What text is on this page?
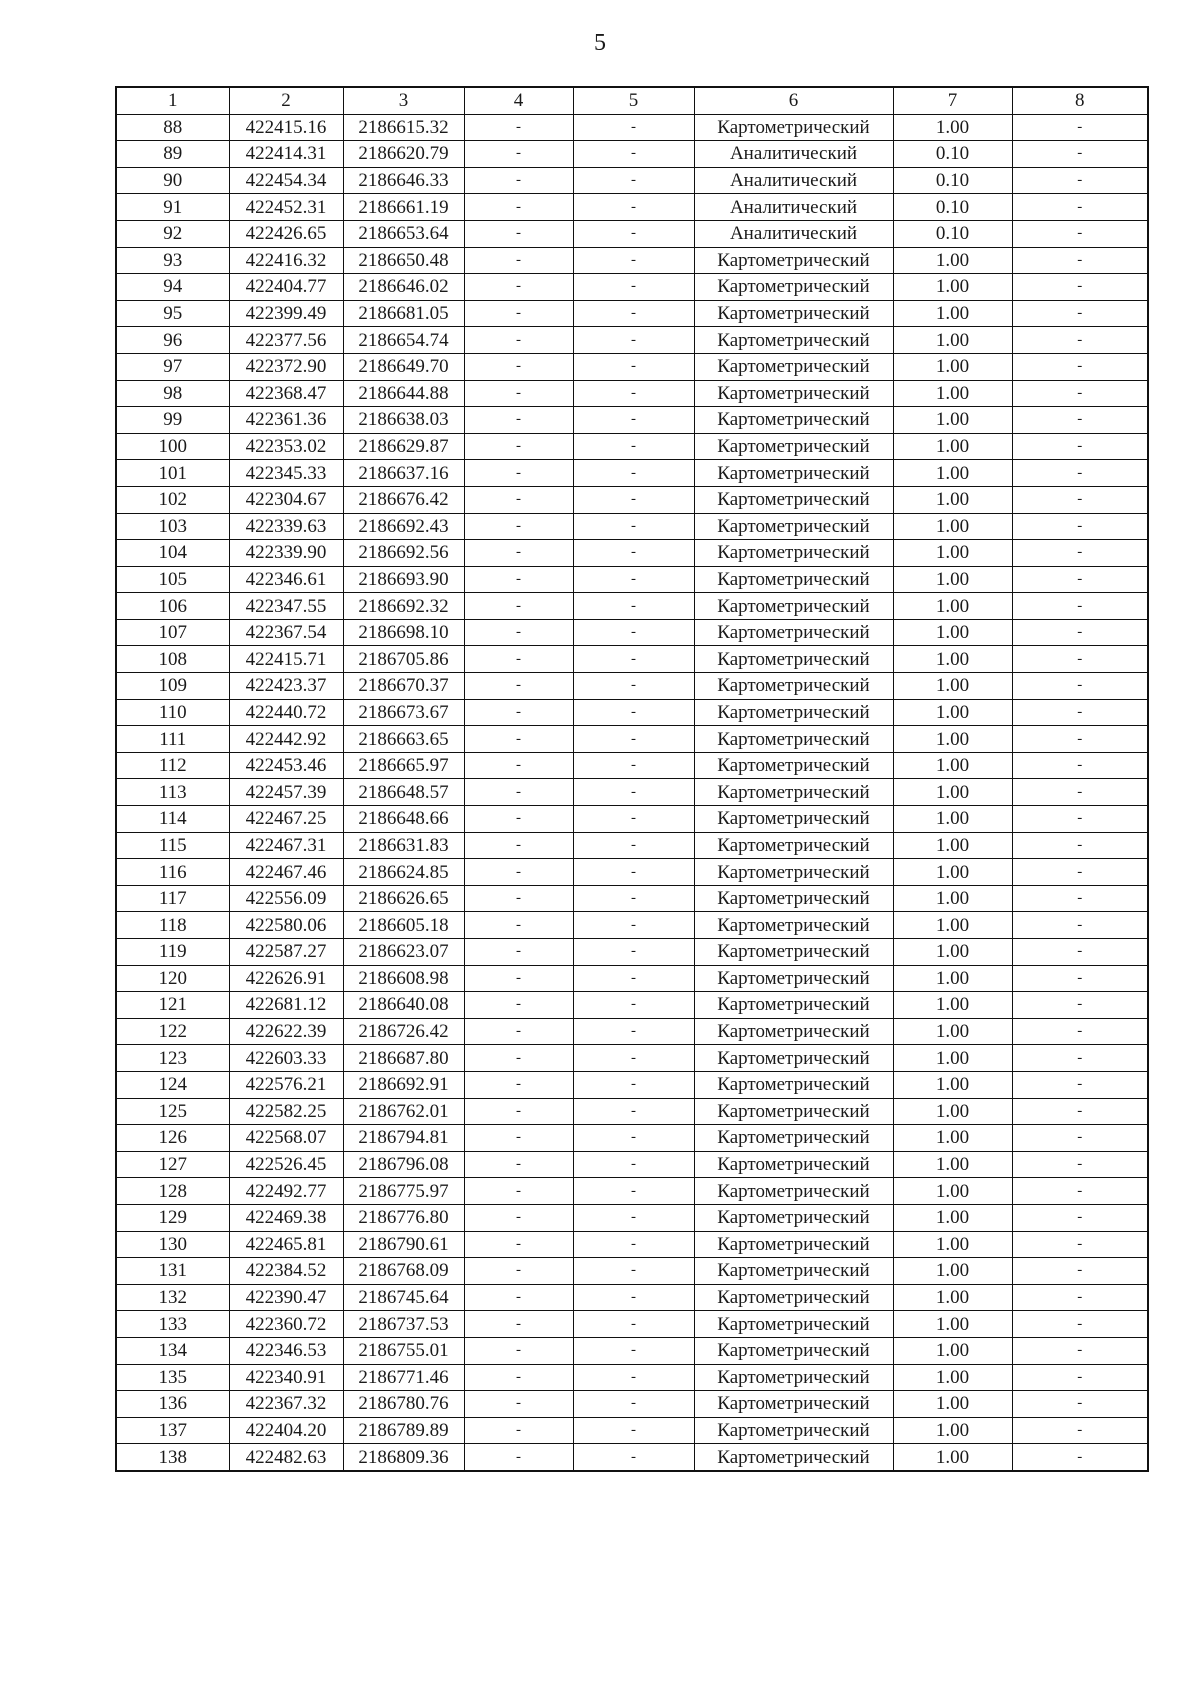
5
1	2	3	4	5	6	7	8
88	422415.16	2186615.32	-	-	Картометрический	1.00	-
89	422414.31	2186620.79	-	-	Аналитический	0.10	-
90	422454.34	2186646.33	-	-	Аналитический	0.10	-
91	422452.31	2186661.19	-	-	Аналитический	0.10	-
92	422426.65	2186653.64	-	-	Аналитический	0.10	-
93	422416.32	2186650.48	-	-	Картометрический	1.00	-
94	422404.77	2186646.02	-	-	Картометрический	1.00	-
95	422399.49	2186681.05	-	-	Картометрический	1.00	-
96	422377.56	2186654.74	-	-	Картометрический	1.00	-
97	422372.90	2186649.70	-	-	Картометрический	1.00	-
98	422368.47	2186644.88	-	-	Картометрический	1.00	-
99	422361.36	2186638.03	-	-	Картометрический	1.00	-
100	422353.02	2186629.87	-	-	Картометрический	1.00	-
101	422345.33	2186637.16	-	-	Картометрический	1.00	-
102	422304.67	2186676.42	-	-	Картометрический	1.00	-
103	422339.63	2186692.43	-	-	Картометрический	1.00	-
104	422339.90	2186692.56	-	-	Картометрический	1.00	-
105	422346.61	2186693.90	-	-	Картометрический	1.00	-
106	422347.55	2186692.32	-	-	Картометрический	1.00	-
107	422367.54	2186698.10	-	-	Картометрический	1.00	-
108	422415.71	2186705.86	-	-	Картометрический	1.00	-
109	422423.37	2186670.37	-	-	Картометрический	1.00	-
110	422440.72	2186673.67	-	-	Картометрический	1.00	-
111	422442.92	2186663.65	-	-	Картометрический	1.00	-
112	422453.46	2186665.97	-	-	Картометрический	1.00	-
113	422457.39	2186648.57	-	-	Картометрический	1.00	-
114	422467.25	2186648.66	-	-	Картометрический	1.00	-
115	422467.31	2186631.83	-	-	Картометрический	1.00	-
116	422467.46	2186624.85	-	-	Картометрический	1.00	-
117	422556.09	2186626.65	-	-	Картометрический	1.00	-
118	422580.06	2186605.18	-	-	Картометрический	1.00	-
119	422587.27	2186623.07	-	-	Картометрический	1.00	-
120	422626.91	2186608.98	-	-	Картометрический	1.00	-
121	422681.12	2186640.08	-	-	Картометрический	1.00	-
122	422622.39	2186726.42	-	-	Картометрический	1.00	-
123	422603.33	2186687.80	-	-	Картометрический	1.00	-
124	422576.21	2186692.91	-	-	Картометрический	1.00	-
125	422582.25	2186762.01	-	-	Картометрический	1.00	-
126	422568.07	2186794.81	-	-	Картометрический	1.00	-
127	422526.45	2186796.08	-	-	Картометрический	1.00	-
128	422492.77	2186775.97	-	-	Картометрический	1.00	-
129	422469.38	2186776.80	-	-	Картометрический	1.00	-
130	422465.81	2186790.61	-	-	Картометрический	1.00	-
131	422384.52	2186768.09	-	-	Картометрический	1.00	-
132	422390.47	2186745.64	-	-	Картометрический	1.00	-
133	422360.72	2186737.53	-	-	Картометрический	1.00	-
134	422346.53	2186755.01	-	-	Картометрический	1.00	-
135	422340.91	2186771.46	-	-	Картометрический	1.00	-
136	422367.32	2186780.76	-	-	Картометрический	1.00	-
137	422404.20	2186789.89	-	-	Картометрический	1.00	-
138	422482.63	2186809.36	-	-	Картометрический	1.00	-
